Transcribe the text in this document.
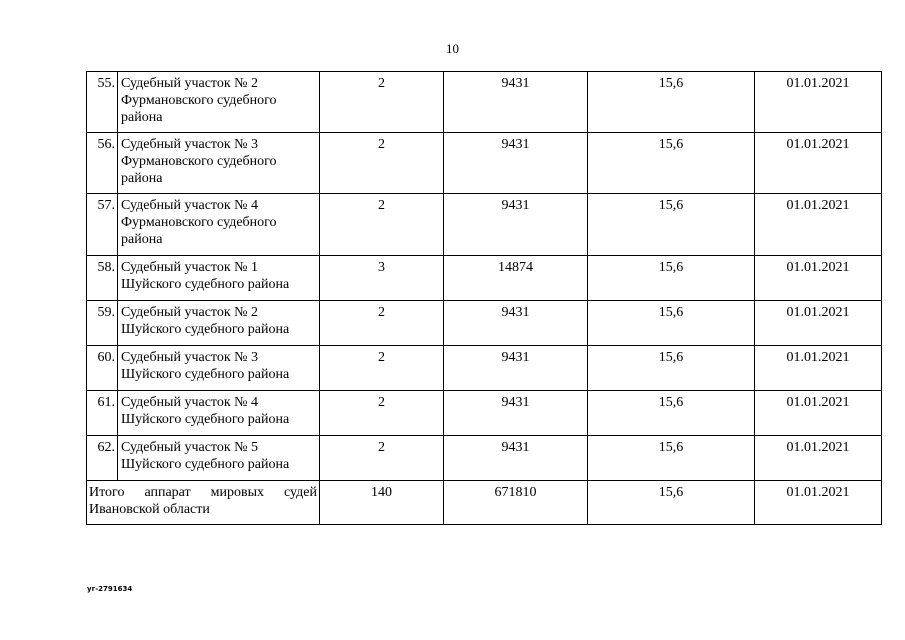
10
55.	Судебный участок № 2 Фурмановского судебного района	2	9431	15,6	01.01.2021
56.	Судебный участок № 3 Фурмановского судебного района	2	9431	15,6	01.01.2021
57.	Судебный участок № 4 Фурмановского судебного района	2	9431	15,6	01.01.2021
58.	Судебный участок № 1 Шуйского судебного района	3	14874	15,6	01.01.2021
59.	Судебный участок № 2 Шуйского судебного района	2	9431	15,6	01.01.2021
60.	Судебный участок № 3 Шуйского судебного района	2	9431	15,6	01.01.2021
61.	Судебный участок № 4 Шуйского судебного района	2	9431	15,6	01.01.2021
62.	Судебный участок № 5 Шуйского судебного района	2	9431	15,6	01.01.2021
Итого аппарат мировых судей Ивановской области		140	671810	15,6	01.01.2021
уг-2791634
